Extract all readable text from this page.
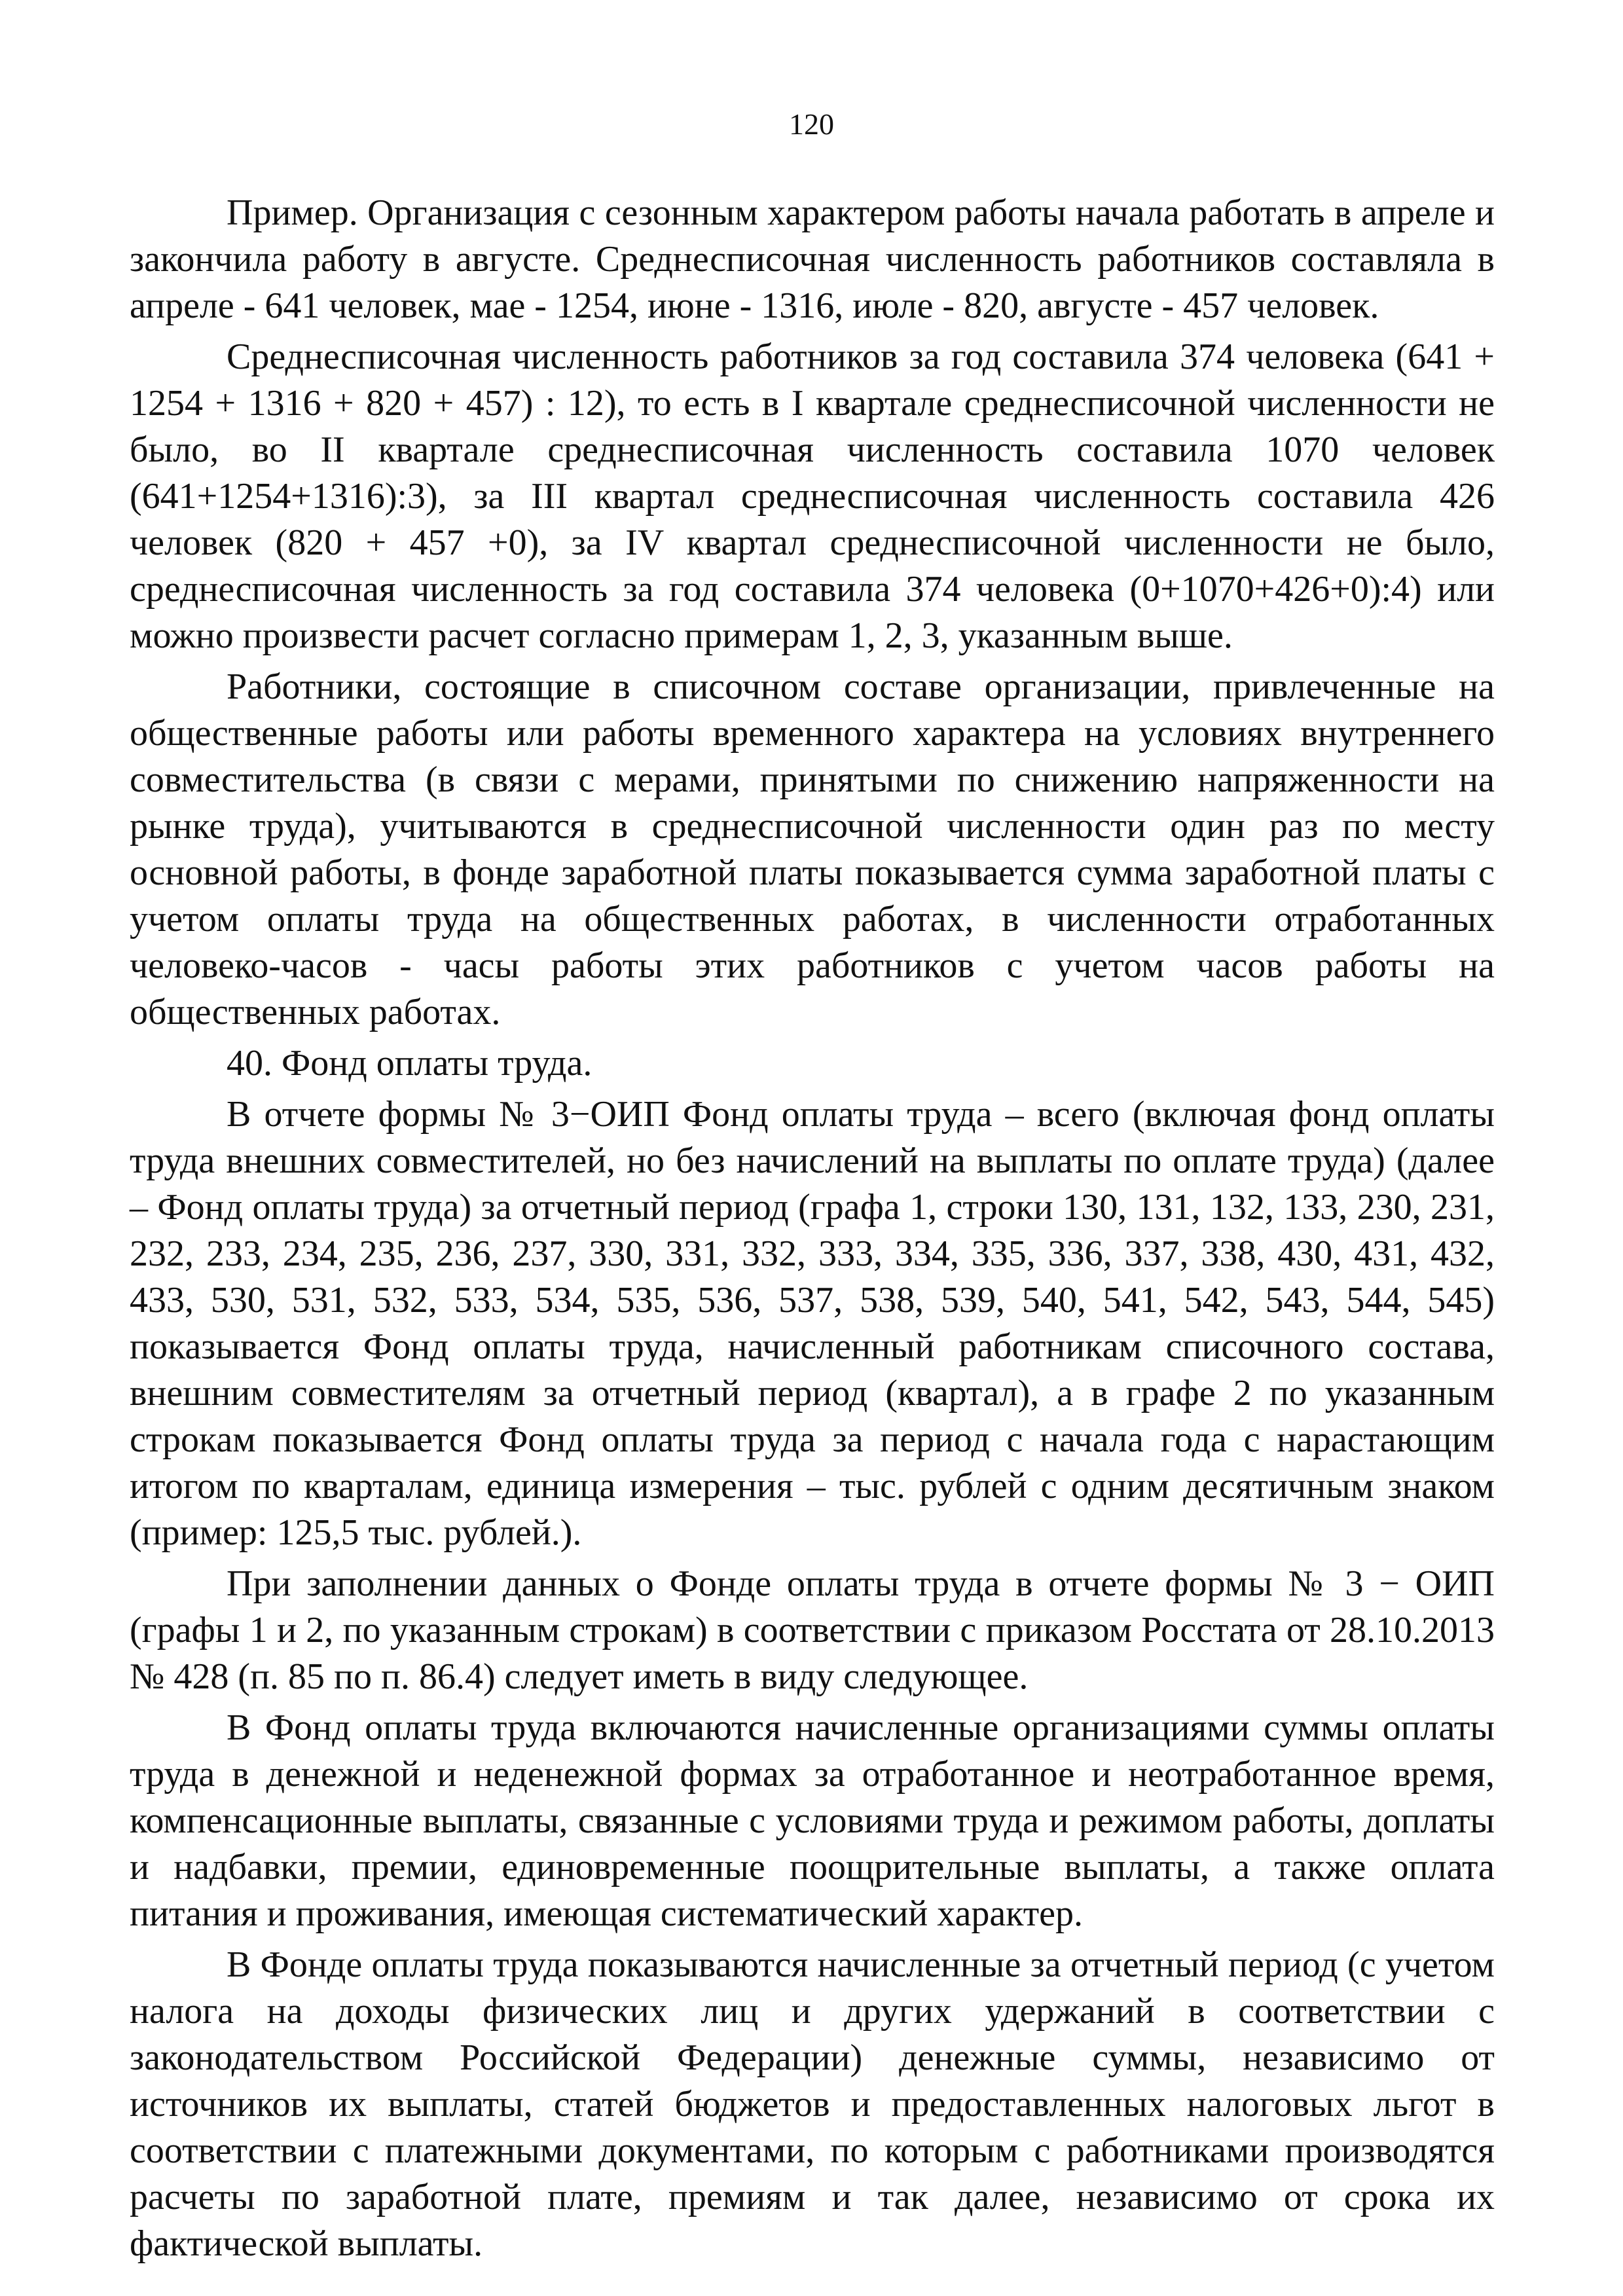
120

Пример. Организация с сезонным характером работы начала работать в апреле и закончила работу в августе. Среднесписочная численность работников составляла в апреле - 641 человек, мае - 1254, июне - 1316, июле - 820, августе - 457 человек.

Среднесписочная численность работников за год составила 374 человека (641 + 1254 + 1316 + 820 + 457) : 12), то есть в I квартале среднесписочной численности не было, во II квартале среднесписочная численность составила 1070 человек (641+1254+1316):3), за III квартал среднесписочная численность составила 426 человек (820 + 457 +0), за IV квартал среднесписочной численности не было, среднесписочная численность за год составила 374 человека (0+1070+426+0):4) или можно произвести расчет согласно примерам 1, 2, 3, указанным выше.

Работники, состоящие в списочном составе организации, привлеченные на общественные работы или работы временного характера на условиях внутреннего совместительства (в связи с мерами, принятыми по снижению напряженности на рынке труда), учитываются в среднесписочной численности один раз по месту основной работы, в фонде заработной платы показывается сумма заработной платы с учетом оплаты труда на общественных работах, в численности отработанных человеко-часов - часы работы этих работников с учетом часов работы на общественных работах.

40. Фонд оплаты труда.

В отчете формы № 3−ОИП Фонд оплаты труда – всего (включая фонд оплаты труда внешних совместителей, но без начислений на выплаты по оплате труда) (далее – Фонд оплаты труда) за отчетный период (графа 1, строки 130, 131, 132, 133, 230, 231, 232, 233, 234, 235, 236, 237, 330, 331, 332, 333, 334, 335, 336, 337, 338, 430, 431, 432, 433, 530, 531, 532, 533, 534, 535, 536, 537, 538, 539, 540, 541, 542, 543, 544, 545) показывается Фонд оплаты труда, начисленный работникам списочного состава, внешним совместителям за отчетный период (квартал), а в графе 2 по указанным строкам показывается Фонд оплаты труда за период с начала года с нарастающим итогом по кварталам, единица измерения – тыс. рублей с одним десятичным знаком (пример: 125,5 тыс. рублей.).

При заполнении данных о Фонде оплаты труда в отчете формы № 3 − ОИП (графы 1 и 2, по указанным строкам) в соответствии с приказом Росстата от 28.10.2013 № 428 (п. 85 по п. 86.4) следует иметь в виду следующее.

В Фонд оплаты труда включаются начисленные организациями суммы оплаты труда в денежной и неденежной формах за отработанное и неотработанное время, компенсационные выплаты, связанные с условиями труда и режимом работы, доплаты и надбавки, премии, единовременные поощрительные выплаты, а также оплата питания и проживания, имеющая систематический характер.

В Фонде оплаты труда показываются начисленные за отчетный период (с учетом налога на доходы физических лиц и других удержаний в соответствии с законодательством Российской Федерации) денежные суммы, независимо от источников их выплаты, статей бюджетов и предоставленных налоговых льгот в соответствии с платежными документами, по которым с работниками производятся расчеты по заработной плате, премиям и так далее, независимо от срока их фактической выплаты.
